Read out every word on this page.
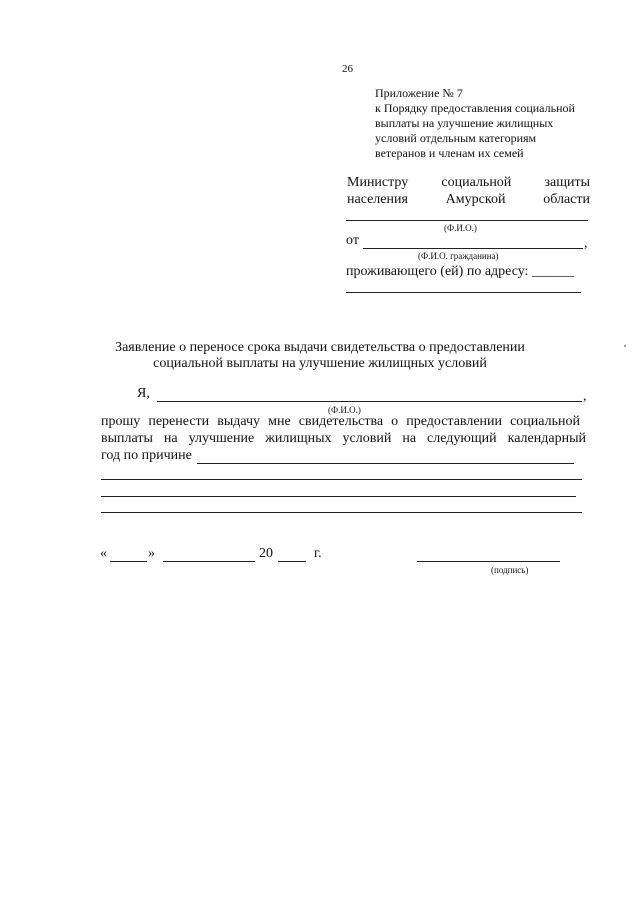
26
Приложение № 7
к Порядку предоставления социальной
выплаты на улучшение жилищных
условий отдельным категориям
ветеранов и членам их семей
Министру социальной защиты
населения	Амурской	области
(Ф.И.О.)
от	,
(Ф.И.О. гражданина)
проживающего (ей) по адресу: ______
Заявление о переносе срока выдачи свидетельства о предоставлении
социальной выплаты на улучшение жилищных условий
Я,	,
(Ф.И.О.)
прошу перенести выдачу мне свидетельства о предоставлении социальной
выплаты на улучшение жилищных условий на следующий календарный
год по причине
«	»	20	г.
(подпись)
